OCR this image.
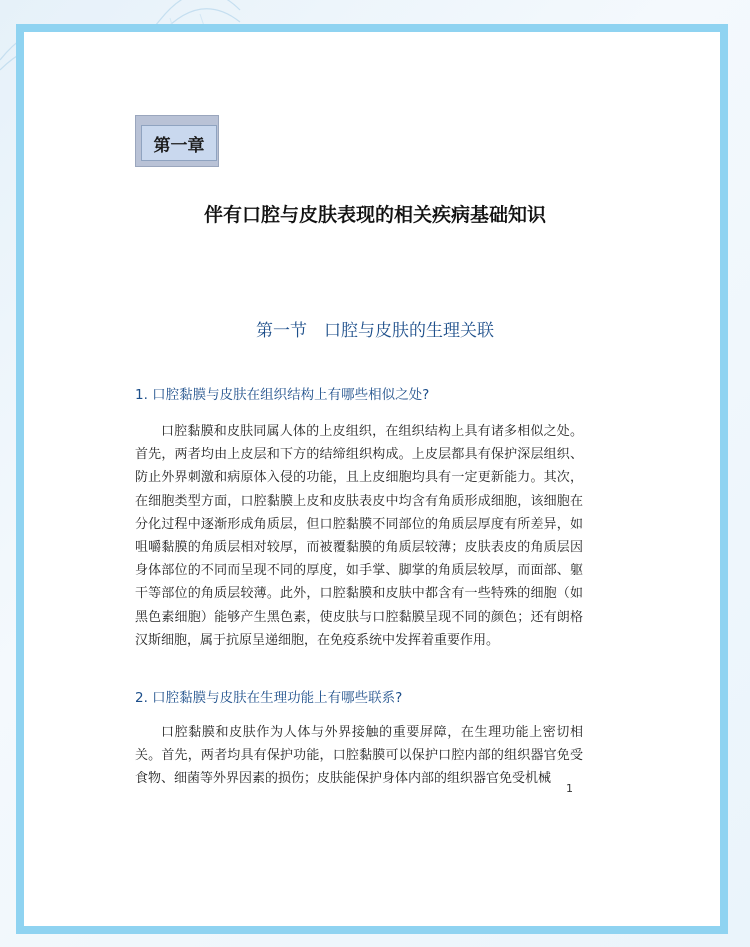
第一章
伴有口腔与皮肤表现的相关疾病基础知识
第一节　口腔与皮肤的生理关联
1. 口腔黏膜与皮肤在组织结构上有哪些相似之处?

口腔黏膜和皮肤同属人体的上皮组织，在组织结构上具有诸多相似之处。首先，两者均由上皮层和下方的结缔组织构成。上皮层都具有保护深层组织、防止外界刺激和病原体入侵的功能，且上皮细胞均具有一定更新能力。其次，在细胞类型方面，口腔黏膜上皮和皮肤表皮中均含有角质形成细胞，该细胞在分化过程中逐渐形成角质层，但口腔黏膜不同部位的角质层厚度有所差异，如咀嚼黏膜的角质层相对较厚，而被覆黏膜的角质层较薄；皮肤表皮的角质层因身体部位的不同而呈现不同的厚度，如手掌、脚掌的角质层较厚，而面部、躯干等部位的角质层较薄。此外，口腔黏膜和皮肤中都含有一些特殊的细胞（如黑色素细胞）能够产生黑色素，使皮肤与口腔黏膜呈现不同的颜色；还有朗格汉斯细胞，属于抗原呈递细胞，在免疫系统中发挥着重要作用。

2. 口腔黏膜与皮肤在生理功能上有哪些联系?

口腔黏膜和皮肤作为人体与外界接触的重要屏障，在生理功能上密切相关。首先，两者均具有保护功能，口腔黏膜可以保护口腔内部的组织器官免受食物、细菌等外界因素的损伤；皮肤能保护身体内部的组织器官免受机械

1
